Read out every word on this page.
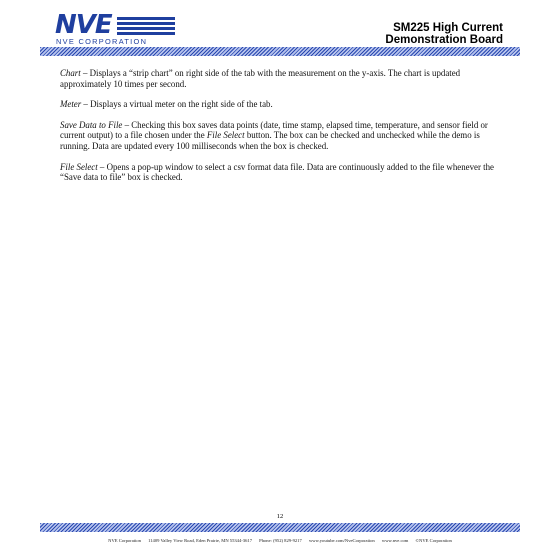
NVE
NVE CORPORATION
SM225 High Current
Demonstration Board

Chart – Displays a “strip chart” on right side of the tab with the measurement on the y-axis. The chart is updated approximately 10 times per second.

Meter – Displays a virtual meter on the right side of the tab.

Save Data to File – Checking this box saves data points (date, time stamp, elapsed time, temperature, and sensor field or current output) to a file chosen under the File Select button. The box can be checked and unchecked while the demo is running. Data are updated every 100 milliseconds when the box is checked.

File Select – Opens a pop-up window to select a csv format data file. Data are continuously added to the file whenever the “Save data to file” box is checked.

12
NVE Corporation 11409 Valley View Road, Eden Prairie, MN 55344-3617 Phone: (952) 829-9217 www.youtube.com/NveCorporation www.nve.com ©NVE Corporation
